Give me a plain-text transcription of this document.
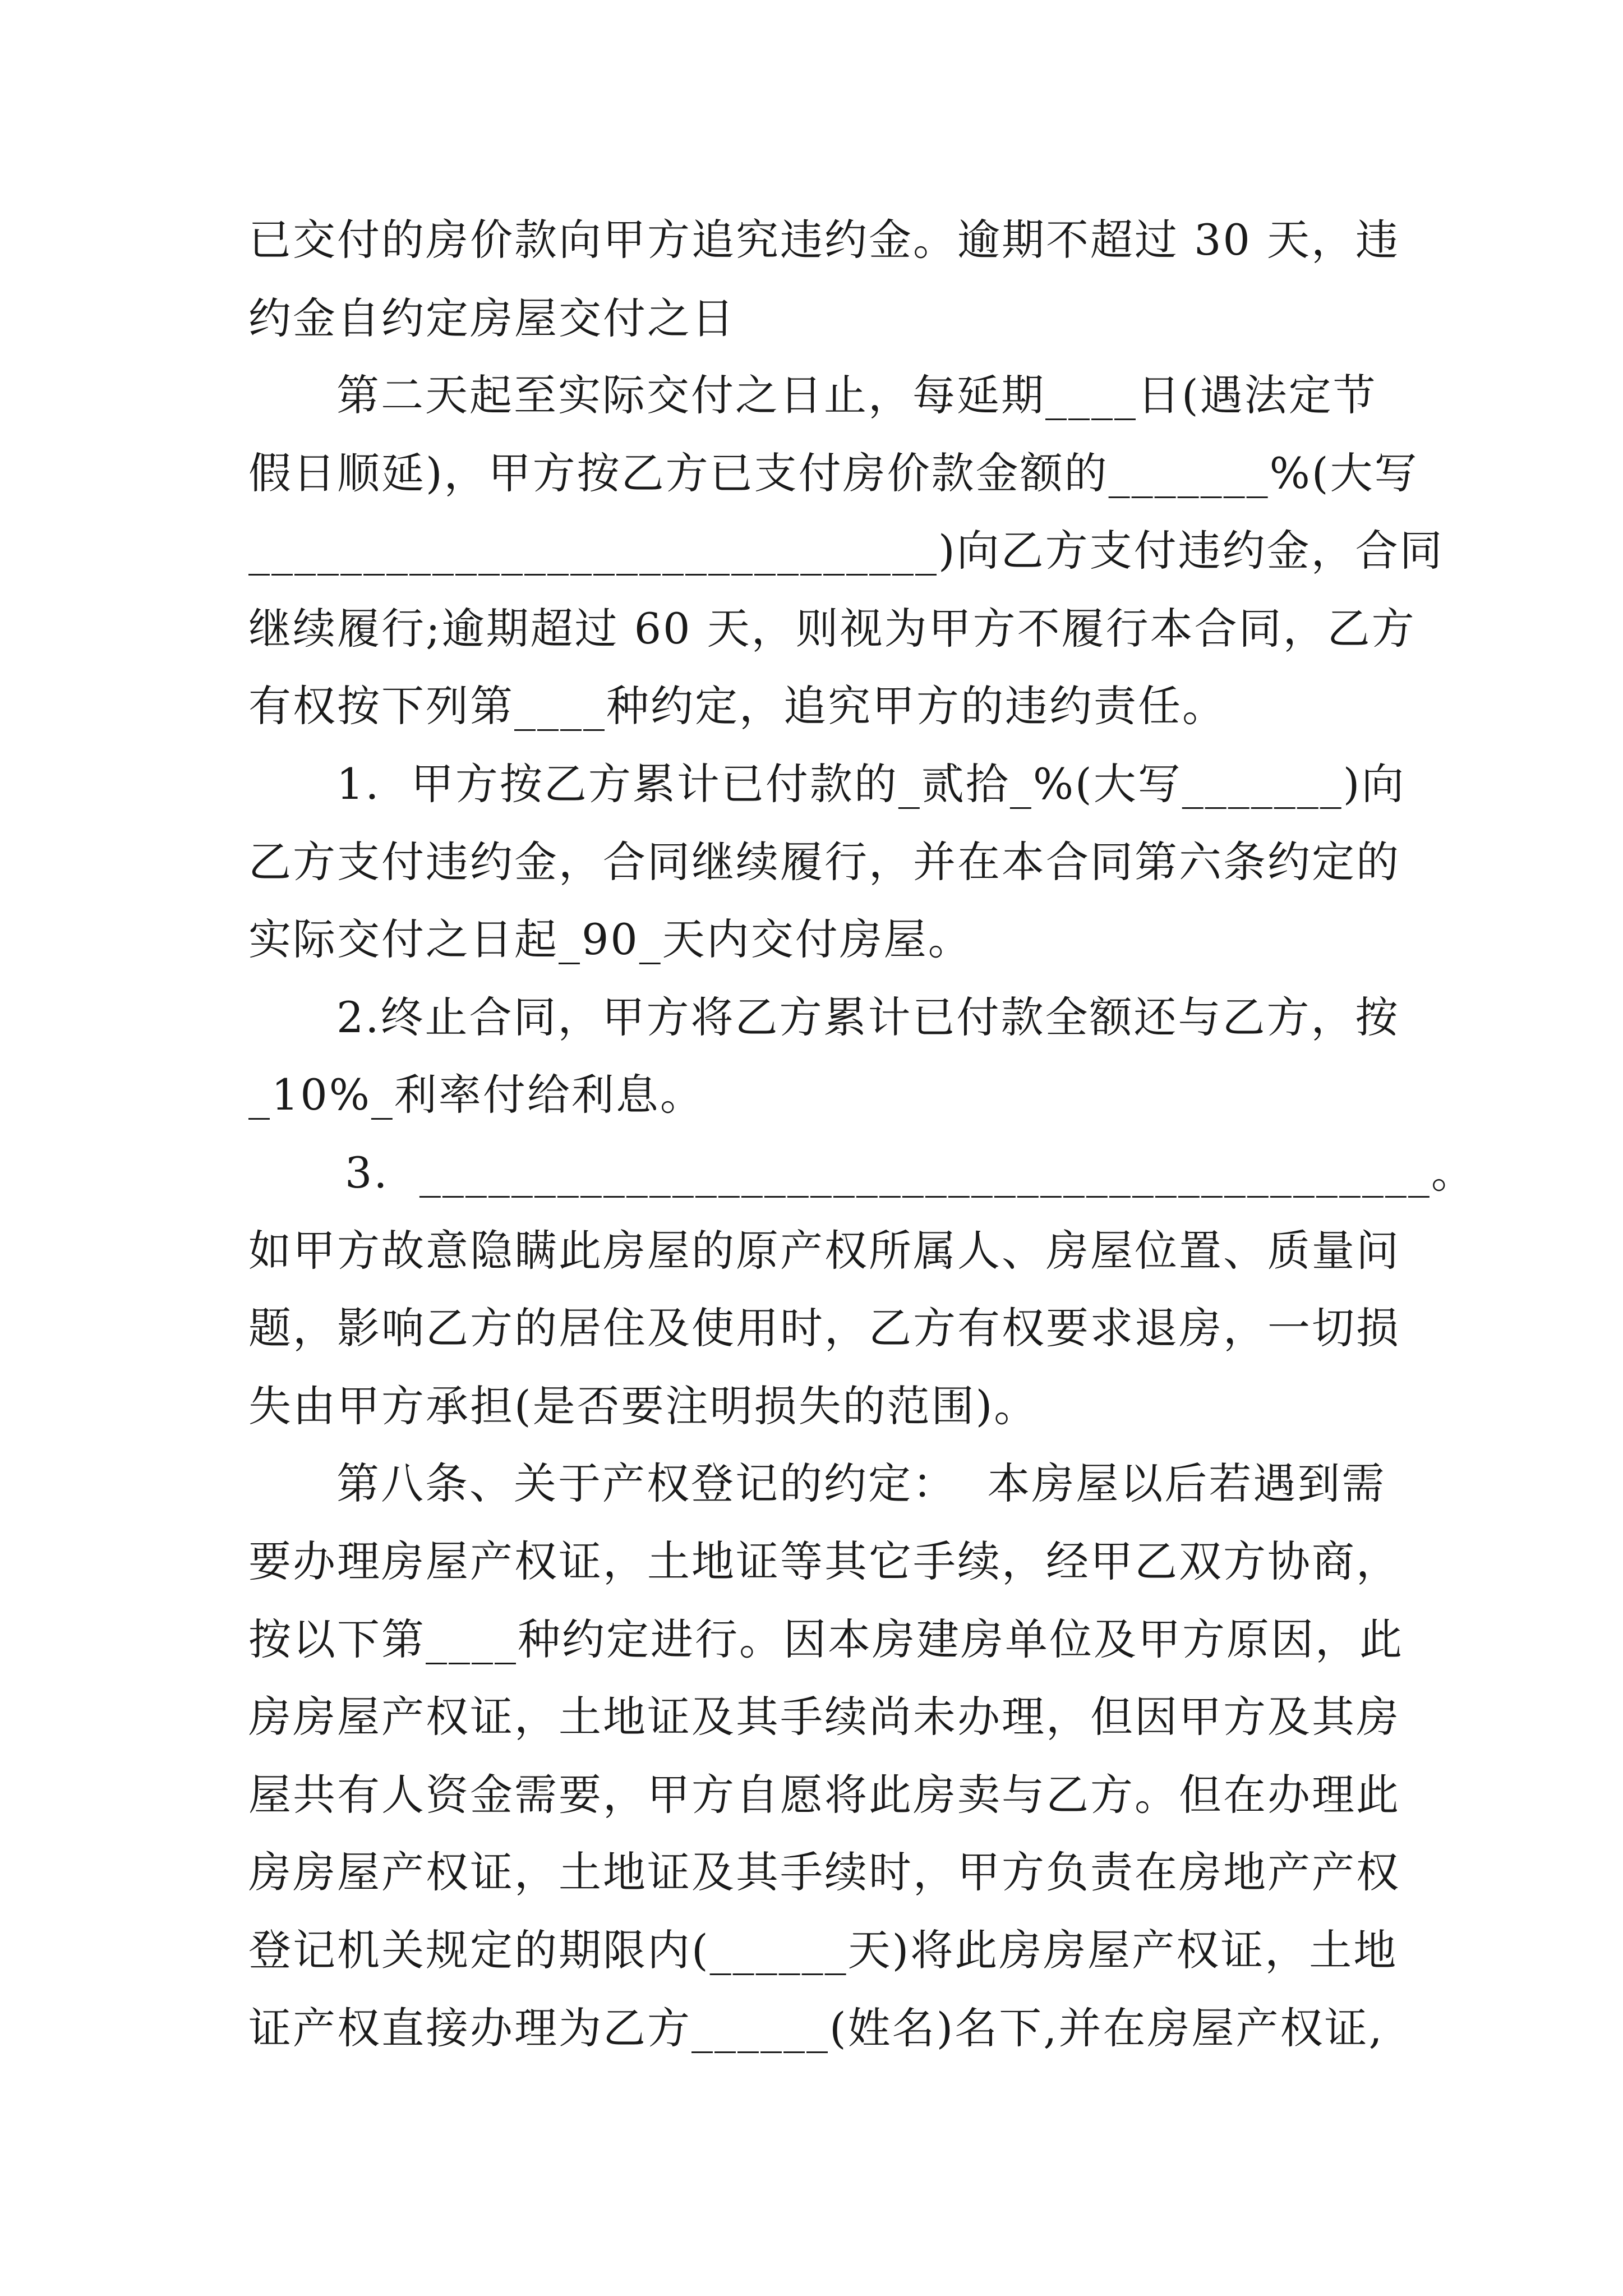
已交付的房价款向甲方追究违约金。逾期不超过 30 天，违
约金自约定房屋交付之日
第二天起至实际交付之日止，每延期____日(遇法定节
假日顺延)，甲方按乙方已支付房价款金额的_______%(大写
______________________________)向乙方支付违约金，合同
继续履行;逾期超过 60 天，则视为甲方不履行本合同，乙方
有权按下列第____种约定，追究甲方的违约责任。
1.  甲方按乙方累计已付款的_贰拾_%(大写_______)向
乙方支付违约金，合同继续履行，并在本合同第六条约定的
实际交付之日起_90_天内交付房屋。
2.终止合同，甲方将乙方累计已付款全额还与乙方，按
_10%_利率付给利息。
3.  ____________________________________________。
如甲方故意隐瞒此房屋的原产权所属人、房屋位置、质量问
题，影响乙方的居住及使用时，乙方有权要求退房，一切损
失由甲方承担(是否要注明损失的范围)。
第八条、关于产权登记的约定：  本房屋以后若遇到需
要办理房屋产权证，土地证等其它手续，经甲乙双方协商，
按以下第____种约定进行。因本房建房单位及甲方原因，此
房房屋产权证，土地证及其手续尚未办理，但因甲方及其房
屋共有人资金需要，甲方自愿将此房卖与乙方。但在办理此
房房屋产权证，土地证及其手续时，甲方负责在房地产产权
登记机关规定的期限内(______天)将此房房屋产权证，土地
证产权直接办理为乙方______(姓名)名下,并在房屋产权证,
